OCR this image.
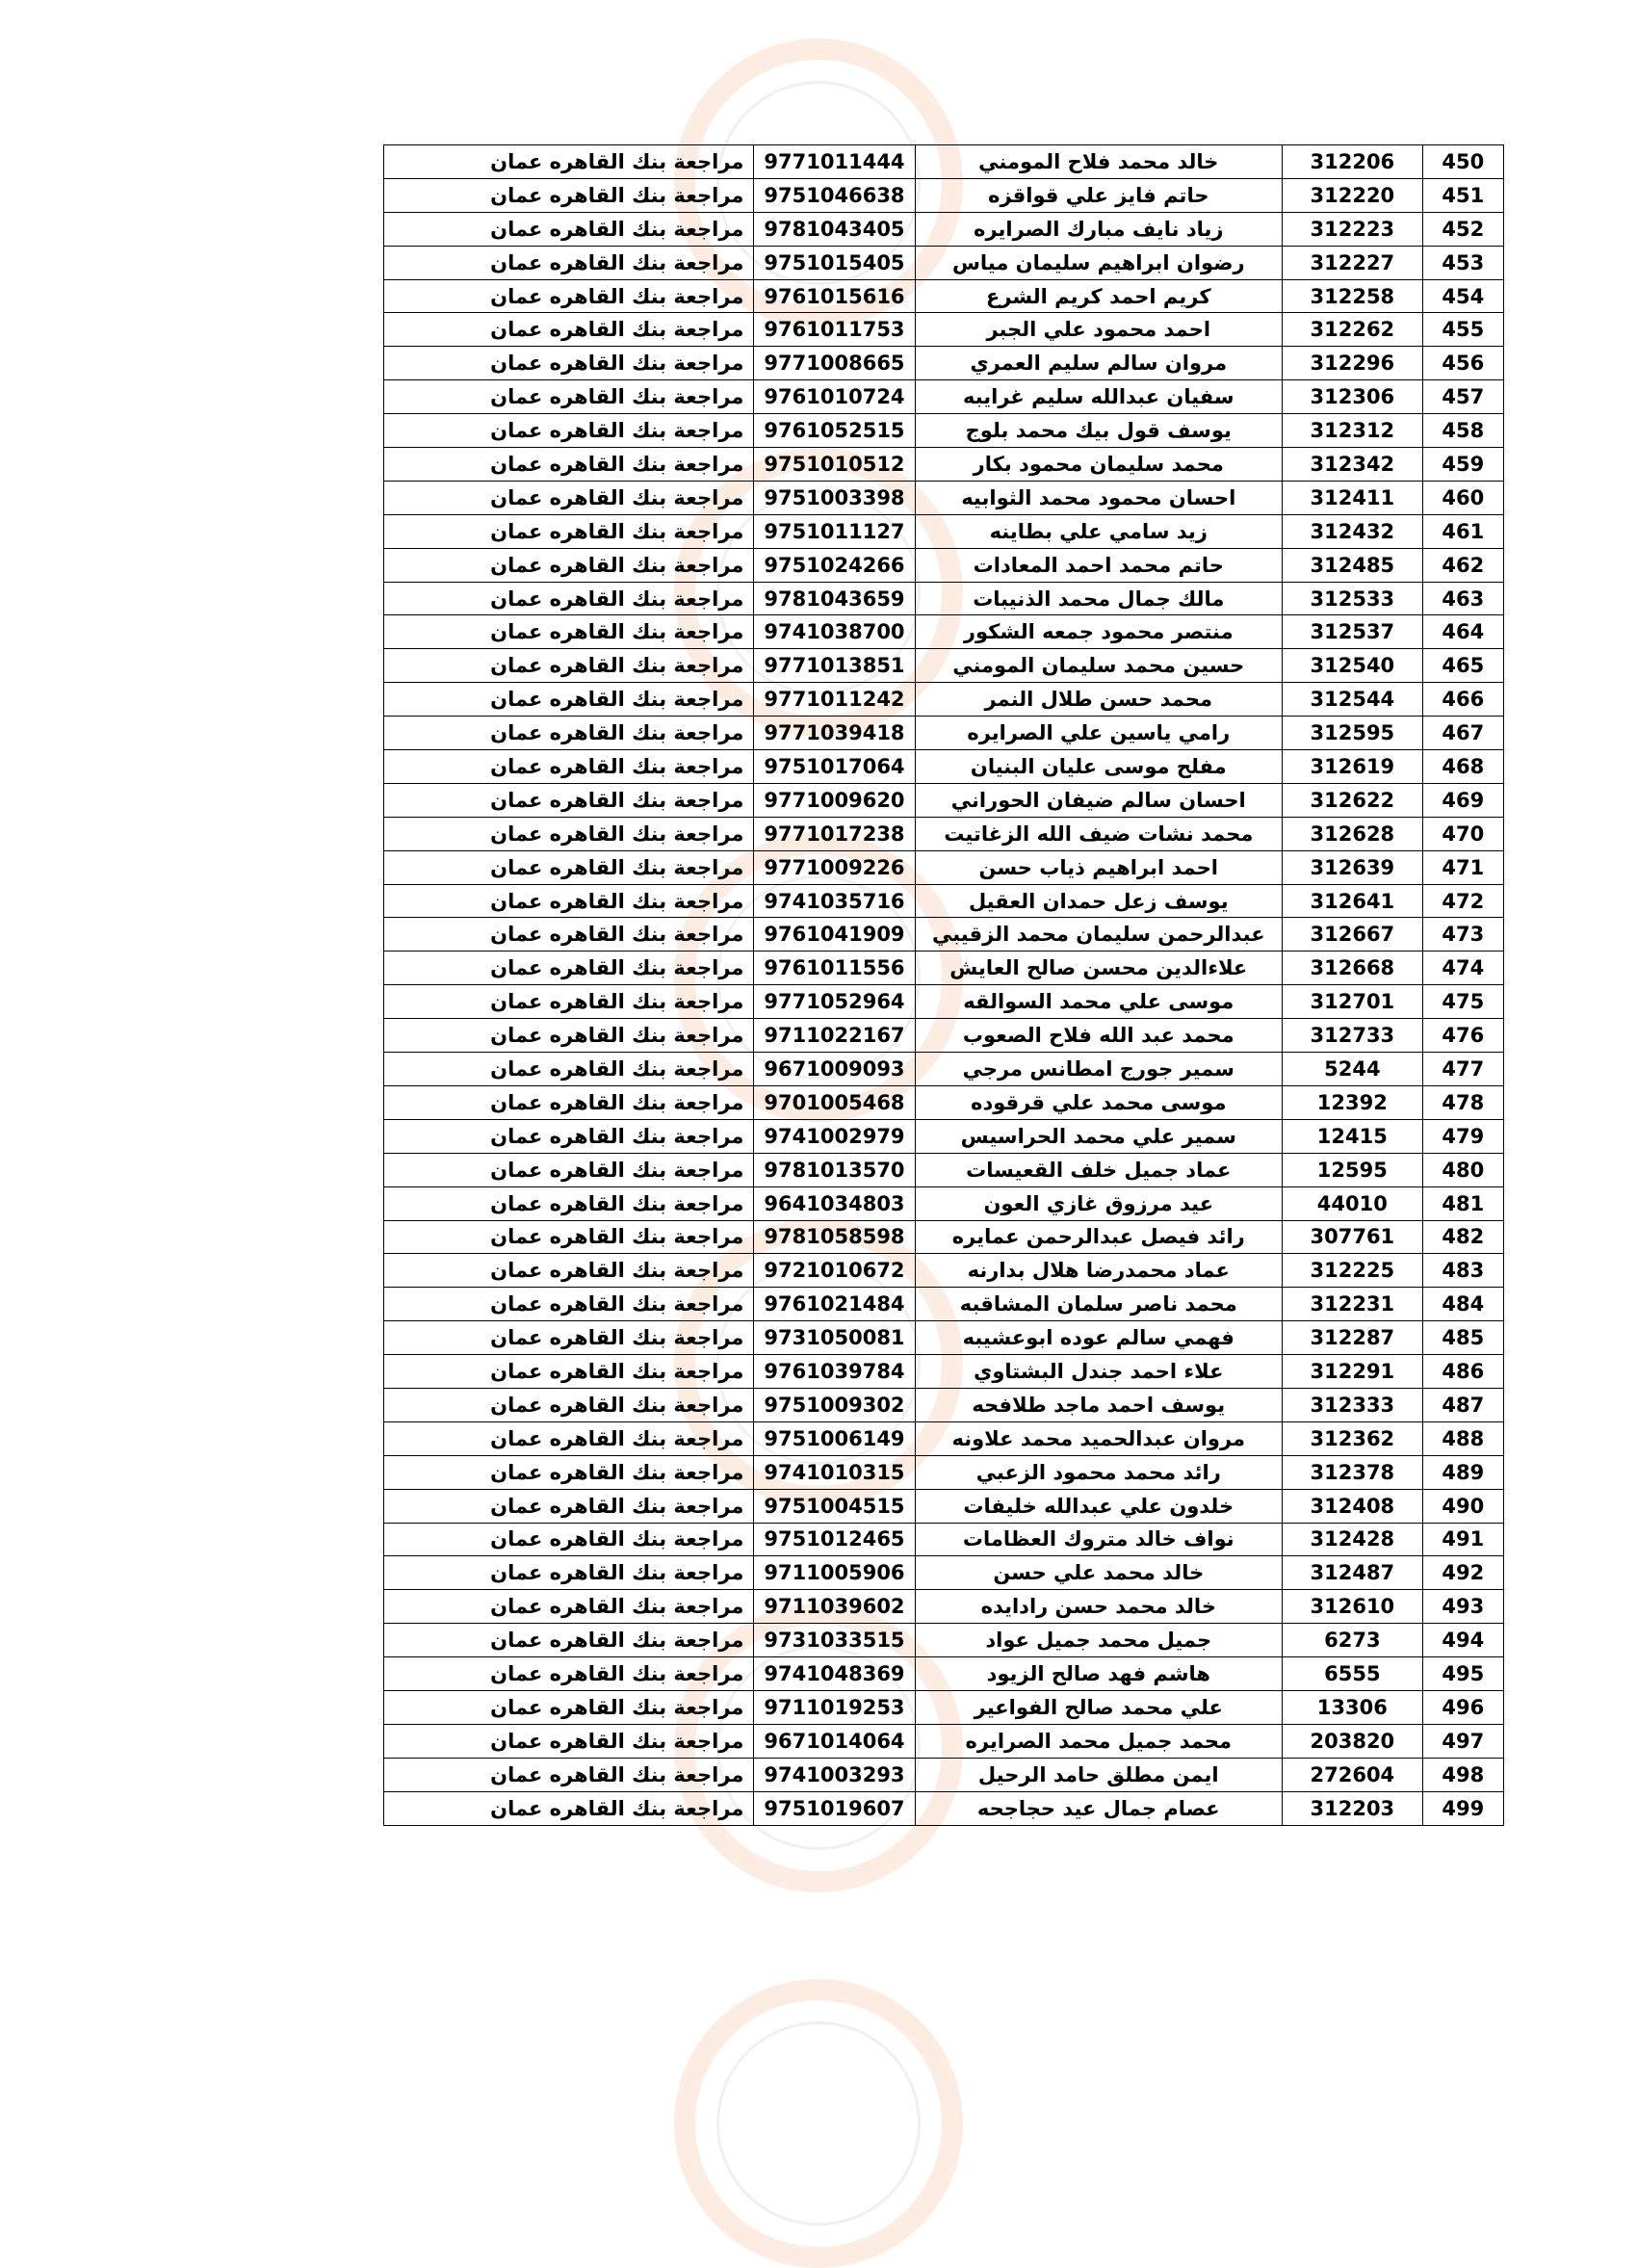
مراجعة بنك القاهره عمان	9771011444	خالد محمد فلاح المومني	312206	450
مراجعة بنك القاهره عمان	9751046638	حاتم فايز علي قواقزه	312220	451
مراجعة بنك القاهره عمان	9781043405	زياد نايف مبارك الصرايره	312223	452
مراجعة بنك القاهره عمان	9751015405	رضوان ابراهيم سليمان مياس	312227	453
مراجعة بنك القاهره عمان	9761015616	كريم احمد كريم الشرع	312258	454
مراجعة بنك القاهره عمان	9761011753	احمد محمود علي الجبر	312262	455
مراجعة بنك القاهره عمان	9771008665	مروان سالم سليم العمري	312296	456
مراجعة بنك القاهره عمان	9761010724	سفيان عبدالله سليم غرايبه	312306	457
مراجعة بنك القاهره عمان	9761052515	يوسف قول بيك محمد بلوج	312312	458
مراجعة بنك القاهره عمان	9751010512	محمد سليمان محمود بكار	312342	459
مراجعة بنك القاهره عمان	9751003398	احسان محمود محمد الثوابيه	312411	460
مراجعة بنك القاهره عمان	9751011127	زيد سامي علي بطاينه	312432	461
مراجعة بنك القاهره عمان	9751024266	حاتم محمد احمد المعادات	312485	462
مراجعة بنك القاهره عمان	9781043659	مالك جمال محمد الذنيبات	312533	463
مراجعة بنك القاهره عمان	9741038700	منتصر محمود جمعه الشكور	312537	464
مراجعة بنك القاهره عمان	9771013851	حسين محمد سليمان المومني	312540	465
مراجعة بنك القاهره عمان	9771011242	محمد حسن طلال النمر	312544	466
مراجعة بنك القاهره عمان	9771039418	رامي ياسين علي الصرايره	312595	467
مراجعة بنك القاهره عمان	9751017064	مفلح موسى عليان البنيان	312619	468
مراجعة بنك القاهره عمان	9771009620	احسان سالم ضيفان الحوراني	312622	469
مراجعة بنك القاهره عمان	9771017238	محمد نشات ضيف الله الزغاتيت	312628	470
مراجعة بنك القاهره عمان	9771009226	احمد ابراهيم ذياب حسن	312639	471
مراجعة بنك القاهره عمان	9741035716	يوسف زعل حمدان العقيل	312641	472
مراجعة بنك القاهره عمان	9761041909	عبدالرحمن سليمان محمد الزقيبي	312667	473
مراجعة بنك القاهره عمان	9761011556	علاءالدين محسن صالح العايش	312668	474
مراجعة بنك القاهره عمان	9771052964	موسى علي محمد السوالقه	312701	475
مراجعة بنك القاهره عمان	9711022167	محمد عبد الله فلاح الصعوب	312733	476
مراجعة بنك القاهره عمان	9671009093	سمير جورج امطانس مرجي	5244	477
مراجعة بنك القاهره عمان	9701005468	موسى محمد علي قرقوده	12392	478
مراجعة بنك القاهره عمان	9741002979	سمير علي محمد الحراسيس	12415	479
مراجعة بنك القاهره عمان	9781013570	عماد جميل خلف القعيسات	12595	480
مراجعة بنك القاهره عمان	9641034803	عيد مرزوق غازي العون	44010	481
مراجعة بنك القاهره عمان	9781058598	رائد فيصل عبدالرحمن عمايره	307761	482
مراجعة بنك القاهره عمان	9721010672	عماد محمدرضا هلال بدارنه	312225	483
مراجعة بنك القاهره عمان	9761021484	محمد ناصر سلمان المشاقبه	312231	484
مراجعة بنك القاهره عمان	9731050081	فهمي سالم عوده ابوعشيبه	312287	485
مراجعة بنك القاهره عمان	9761039784	علاء احمد جندل البشتاوي	312291	486
مراجعة بنك القاهره عمان	9751009302	يوسف احمد ماجد طلافحه	312333	487
مراجعة بنك القاهره عمان	9751006149	مروان عبدالحميد محمد علاونه	312362	488
مراجعة بنك القاهره عمان	9741010315	رائد محمد محمود الزعبي	312378	489
مراجعة بنك القاهره عمان	9751004515	خلدون علي عبدالله خليفات	312408	490
مراجعة بنك القاهره عمان	9751012465	نواف خالد متروك العظامات	312428	491
مراجعة بنك القاهره عمان	9711005906	خالد محمد علي حسن	312487	492
مراجعة بنك القاهره عمان	9711039602	خالد محمد حسن رادايده	312610	493
مراجعة بنك القاهره عمان	9731033515	جميل محمد جميل عواد	6273	494
مراجعة بنك القاهره عمان	9741048369	هاشم فهد صالح الزيود	6555	495
مراجعة بنك القاهره عمان	9711019253	علي محمد صالح الفواعير	13306	496
مراجعة بنك القاهره عمان	9671014064	محمد جميل محمد الصرايره	203820	497
مراجعة بنك القاهره عمان	9741003293	ايمن مطلق حامد الرحيل	272604	498
مراجعة بنك القاهره عمان	9751019607	عصام جمال عيد حجاجحه	312203	499
